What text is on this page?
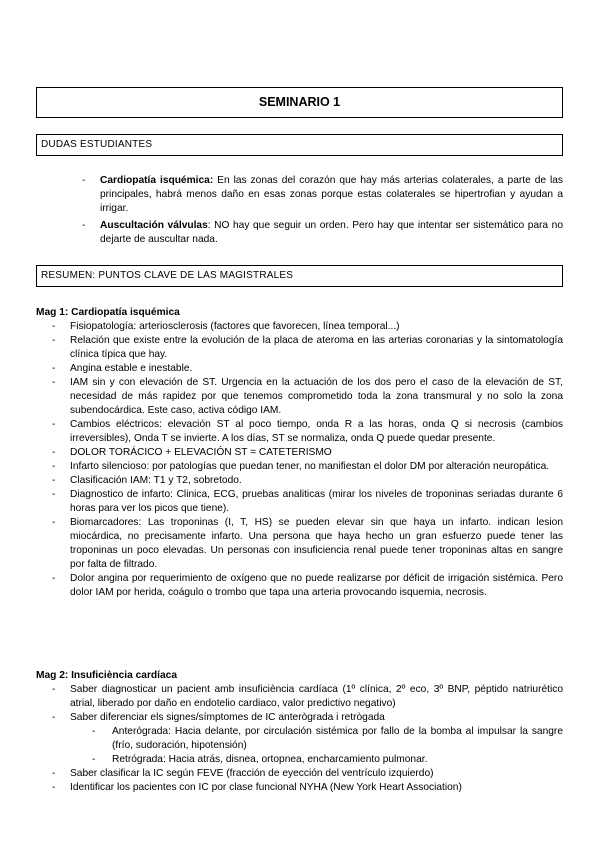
SEMINARIO 1
DUDAS ESTUDIANTES
- Cardiopatía isquémica: En las zonas del corazón que hay más arterias colaterales, a parte de las principales, habrá menos daño en esas zonas porque estas colaterales se hipertrofian y ayudan a irrigar.
- Auscultación válvulas: NO hay que seguir un orden. Pero hay que intentar ser sistemático para no dejarte de auscultar nada.
RESUMEN: PUNTOS CLAVE DE LAS MAGISTRALES
Mag 1: Cardiopatía isquémica
- Fisiopatología: arteriosclerosis (factores que favorecen, línea temporal...)
- Relación que existe entre la evolución de la placa de ateroma en las arterias coronarias y la sintomatología clínica típica que hay.
- Angina estable e inestable.
- IAM sin y con elevación de ST. Urgencia en la actuación de los dos pero el caso de la elevación de ST, necesidad de más rapidez por que tenemos comprometido toda la zona transmural y no solo la zona subendocárdica. Este caso, activa código IAM.
- Cambios eléctricos: elevación ST al poco tiempo, onda R a las horas, onda Q si necrosis (cambios irreversibles), Onda T se invierte. A los días, ST se normaliza, onda Q puede quedar presente.
- DOLOR TORÁCICO + ELEVACIÓN ST = CATETERISMO
- Infarto silencioso: por patologías que puedan tener, no manifiestan el dolor DM por alteración neuropática.
- Clasificación IAM: T1 y T2, sobretodo.
- Diagnostico de infarto: Clinica, ECG, pruebas analiticas (mirar los niveles de troponinas seriadas durante 6 horas para ver los picos que tiene).
- Biomarcadores: Las troponinas (I, T, HS) se pueden elevar sin que haya un infarto. indican lesion miocárdica, no precisamente infarto. Una persona que haya hecho un gran esfuerzo puede tener las troponinas un poco elevadas. Un personas con insuficiencia renal puede tener troponinas altas en sangre por falta de filtrado.
- Dolor angina por requerimiento de oxígeno que no puede realizarse por déficit de irrigación sistémica. Pero dolor IAM por herida, coágulo o trombo que tapa una arteria provocando isquemia, necrosis.
Mag 2: Insuficiència cardíaca
- Saber diagnosticar un pacient amb insuficiència cardíaca (1º clínica, 2º eco, 3º BNP, péptido natriurético atrial, liberado por daño en endotelio cardiaco, valor predictivo negativo)
- Saber diferenciar els signes/símptomes de IC anterògrada i retrògada
- Anterógrada: Hacia delante, por circulación sistémica por fallo de la bomba al impulsar la sangre (frío, sudoración, hipotensión)
- Retrógrada: Hacia atrás, disnea, ortopnea, encharcamiento pulmonar.
- Saber clasificar la IC según FEVE (fracción de eyección del ventrículo izquierdo)
- Identificar los pacientes con IC por clase funcional NYHA (New York Heart Association)
